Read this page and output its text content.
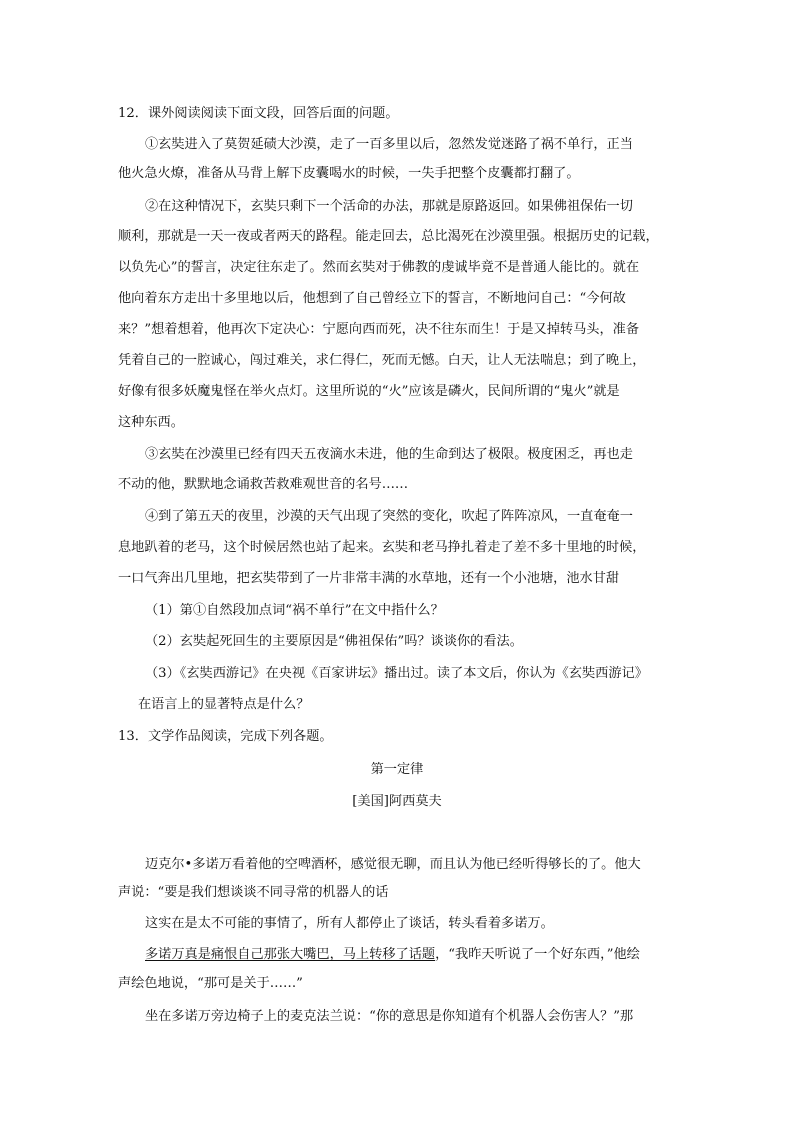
12．课外阅读阅读下面文段，回答后面的问题。
①玄奘进入了莫贺延碛大沙漠，走了一百多里以后，忽然发觉迷路了祸不单行，正当
他火急火燎，准备从马背上解下皮囊喝水的时候，一失手把整个皮囊都打翻了。
②在这种情况下，玄奘只剩下一个活命的办法，那就是原路返回。如果佛祖保佑一切
顺利，那就是一天一夜或者两天的路程。能走回去，总比渴死在沙漠里强。根据历史的记载，
以负先心”的誓言，决定往东走了。然而玄奘对于佛教的虔诚毕竟不是普通人能比的。就在
他向着东方走出十多里地以后，他想到了自己曾经立下的誓言，不断地问自己：“今何故
来？”想着想着，他再次下定决心：宁愿向西而死，决不往东而生！于是又掉转马头，准备
凭着自己的一腔诚心，闯过难关，求仁得仁，死而无憾。白天，让人无法喘息；到了晚上，
好像有很多妖魔鬼怪在举火点灯。这里所说的“火”应该是磷火，民间所谓的“鬼火”就是
这种东西。
③玄奘在沙漠里已经有四天五夜滴水未进，他的生命到达了极限。极度困乏，再也走
不动的他，默默地念诵救苦救难观世音的名号……
④到了第五天的夜里，沙漠的天气出现了突然的变化，吹起了阵阵凉风，一直奄奄一
息地趴着的老马，这个时候居然也站了起来。玄奘和老马挣扎着走了差不多十里地的时候，
一口气奔出几里地，把玄奘带到了一片非常丰满的水草地，还有一个小池塘，池水甘甜
（1）第①自然段加点词“祸不单行”在文中指什么？
（2）玄奘起死回生的主要原因是“佛祖保佑”吗？谈谈你的看法。
（3）《玄奘西游记》在央视《百家讲坛》播出过。读了本文后，你认为《玄奘西游记》
在语言上的显著特点是什么？
13．文学作品阅读，完成下列各题。
第一定律
[美国]阿西莫夫
迈克尔•多诺万看着他的空啤酒杯，感觉很无聊，而且认为他已经听得够长的了。他大
声说：“要是我们想谈谈不同寻常的机器人的话
这实在是太不可能的事情了，所有人都停止了谈话，转头看着多诺万。
多诺万真是痛恨自己那张大嘴巴，马上转移了话题，“我昨天听说了一个好东西，”他绘
声绘色地说，“那可是关于……”
坐在多诺万旁边椅子上的麦克法兰说：“你的意思是你知道有个机器人会伤害人？”那
